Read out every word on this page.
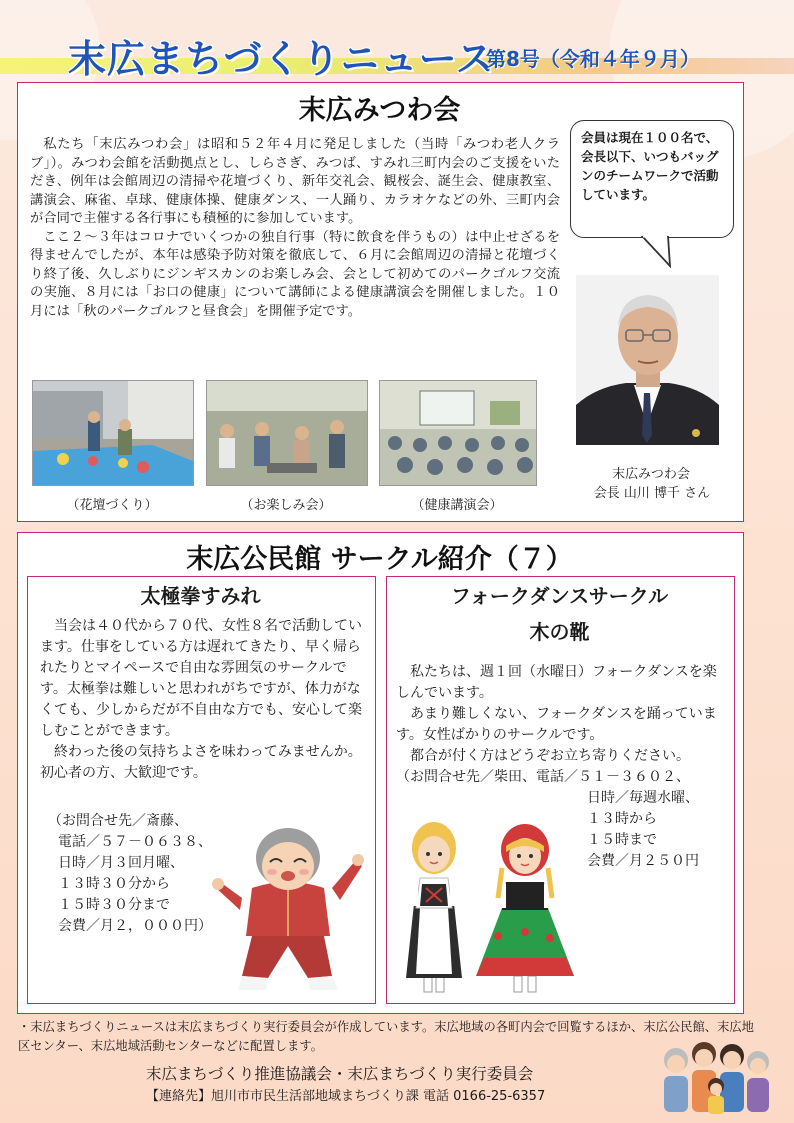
末広まちづくりニュース
第8号（令和４年９月）
末広みつわ会

私たち「末広みつわ会」は昭和５２年４月に発足しました（当時「みつわ老人クラブ」）。みつわ会館を活動拠点とし、しらさぎ、みつば、すみれ三町内会のご支援をいただき、例年は会館周辺の清掃や花壇づくり、新年交礼会、観桜会、誕生会、健康教室、講演会、麻雀、卓球、健康体操、健康ダンス、一人踊り、カラオケなどの外、三町内会が合同で主催する各行事にも積極的に参加しています。

ここ２～３年はコロナでいくつかの独自行事（特に飲食を伴うもの）は中止せざるを得ませんでしたが、本年は感染予防対策を徹底して、６月に会館周辺の清掃と花壇づくり終了後、久しぶりにジンギスカンのお楽しみ会、会として初めてのパークゴルフ交流の実施、８月には「お口の健康」について講師による健康講演会を開催しました。１０月には「秋のパークゴルフと昼食会」を開催予定です。

（花壇づくり）	（お楽しみ会）	（健康講演会）
会員は現在１００名で、会長以下、いつもバッグンのチームワークで活動しています。
末広みつわ会
会長 山川 博千 さん
末広公民館 サークル紹介（７）
太極拳すみれ

当会は４０代から７０代、女性８名で活動しています。仕事をしている方は遅れてきたり、早く帰られたりとマイペースで自由な雰囲気のサークルです。太極拳は難しいと思われがちですが、体力がなくても、少しからだが不自由な方でも、安心して楽しむことができます。

終わった後の気持ちよさを味わってみませんか。初心者の方、大歓迎です。

（お問合せ先／斎藤、

電話／５７－０６３８、

日時／月３回月曜、

１３時３０分から

１５時３０分まで

会費／月２，０００円）

フォークダンスサークル
木の靴

私たちは、週１回（水曜日）フォークダンスを楽しんでいます。

あまり難しくない、フォークダンスを踊っています。女性ばかりのサークルです。

都合が付く方はどうぞお立ち寄りください。

（お問合せ先／柴田、電話／５１－３６０２、

日時／毎週水曜、

１３時から

１５時まで

会費／月２５０円

・末広まちづくりニュースは末広まちづくり実行委員会が作成しています。末広地域の各町内会で回覧するほか、末広公民館、末広地区センター、末広地域活動センターなどに配置します。
末広まちづくり推進協議会・末広まちづくり実行委員会
【連絡先】旭川市市民生活部地域まちづくり課 電話 0166-25-6357
